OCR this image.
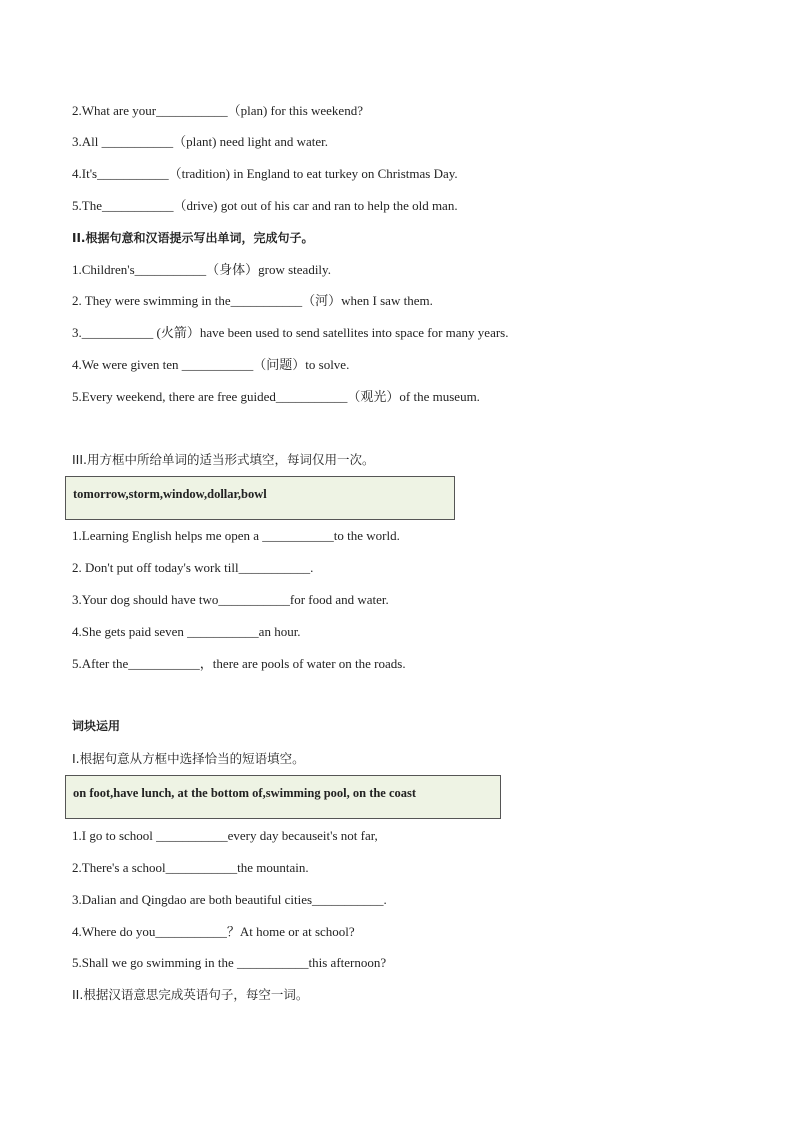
2.What are your___________（plan) for this weekend?
3.All ___________（plant) need light and water.
4.It's___________（tradition) in England to eat turkey on Christmas Day.
5.The___________（drive) got out of his car and ran to help the old man.
II.根据句意和汉语提示写出单词，完成句子。
1.Children's___________（身体）grow steadily.
2. They were swimming in the___________（河）when I saw them.
3.___________ (火箭）have been used to send satellites into space for many years.
4.We were given ten ___________（问题）to solve.
5.Every weekend, there are free guided___________（观光）of the museum.
III.用方框中所给单词的适当形式填空，每词仅用一次。
tomorrow,storm,window,dollar,bowl
1.Learning English helps me open a ___________to the world.
2. Don't put off today's work till___________.
3.Your dog should have two___________for food and water.
4.She gets paid seven ___________an hour.
5.After the___________，there are pools of water on the roads.
词块运用
I.根据句意从方框中选择恰当的短语填空。
on foot,have lunch, at the bottom of,swimming pool, on the coast
1.I go to school ___________every day becauseit's not far,
2.There's a school___________the mountain.
3.Dalian and Qingdao are both beautiful cities___________.
4.Where do you___________？At home or at school?
5.Shall we go swimming in the ___________this afternoon?
II.根据汉语意思完成英语句子，每空一词。
